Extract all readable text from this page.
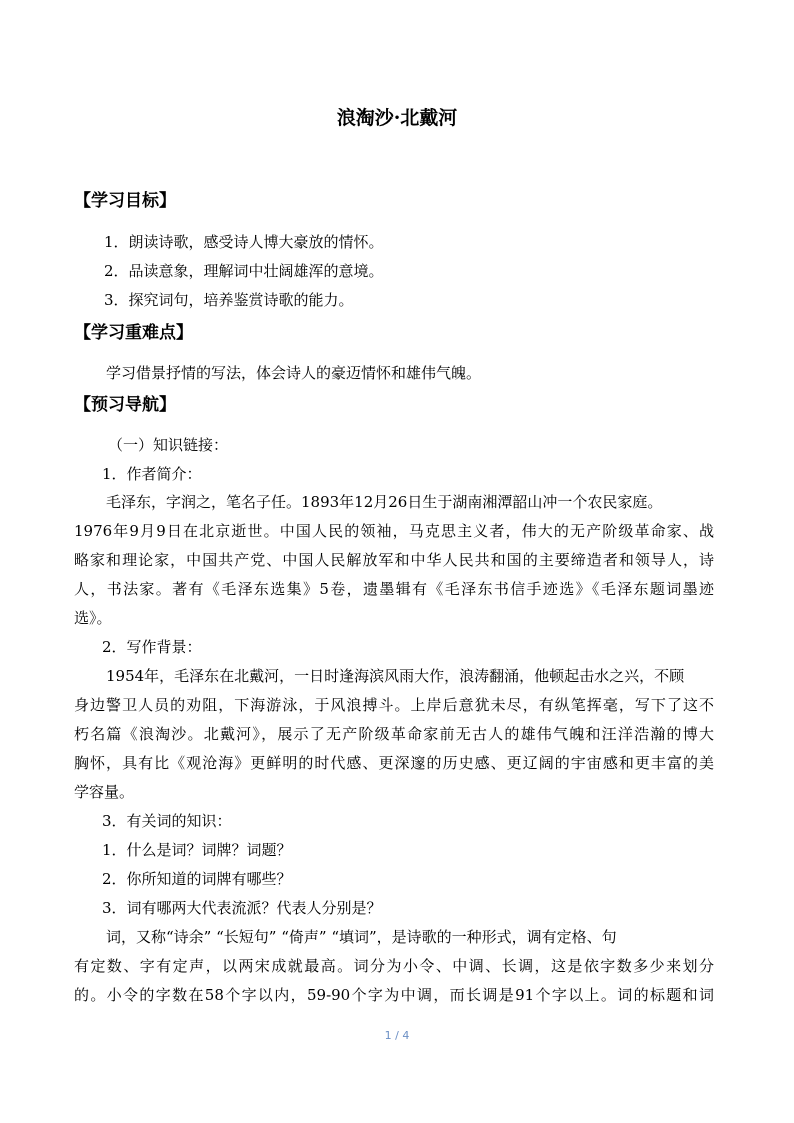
浪淘沙·北戴河
【学习目标】
1．朗读诗歌，感受诗人博大豪放的情怀。
2．品读意象，理解词中壮阔雄浑的意境。
3．探究词句，培养鉴赏诗歌的能力。
【学习重难点】
学习借景抒情的写法，体会诗人的豪迈情怀和雄伟气魄。
【预习导航】
（一）知识链接：
1．作者简介：
毛泽东，字润之，笔名子任。1893年12月26日生于湖南湘潭韶山冲一个农民家庭。
1976年9月9日在北京逝世。中国人民的领袖，马克思主义者，伟大的无产阶级革命家、战
略家和理论家，中国共产党、中国人民解放军和中华人民共和国的主要缔造者和领导人，诗
人，书法家。著有《毛泽东选集》5卷，遗墨辑有《毛泽东书信手迹选》《毛泽东题词墨迹
选》。
2．写作背景：
1954年，毛泽东在北戴河，一日时逢海滨风雨大作，浪涛翻涌，他顿起击水之兴，不顾
身边警卫人员的劝阻，下海游泳，于风浪搏斗。上岸后意犹未尽，有纵笔挥毫，写下了这不
朽名篇《浪淘沙。北戴河》，展示了无产阶级革命家前无古人的雄伟气魄和汪洋浩瀚的博大
胸怀，具有比《观沧海》更鲜明的时代感、更深邃的历史感、更辽阔的宇宙感和更丰富的美
学容量。
3．有关词的知识：
1．什么是词？词牌？词题？
2．你所知道的词牌有哪些？
3．词有哪两大代表流派？代表人分别是？
词，又称“诗余” “长短句” “倚声” “填词”，是诗歌的一种形式，调有定格、句
有定数、字有定声，以两宋成就最高。词分为小令、中调、长调，这是依字数多少来划分
的。小令的字数在58个字以内，59-90个字为中调，而长调是91个字以上。词的标题和词
1 / 4
